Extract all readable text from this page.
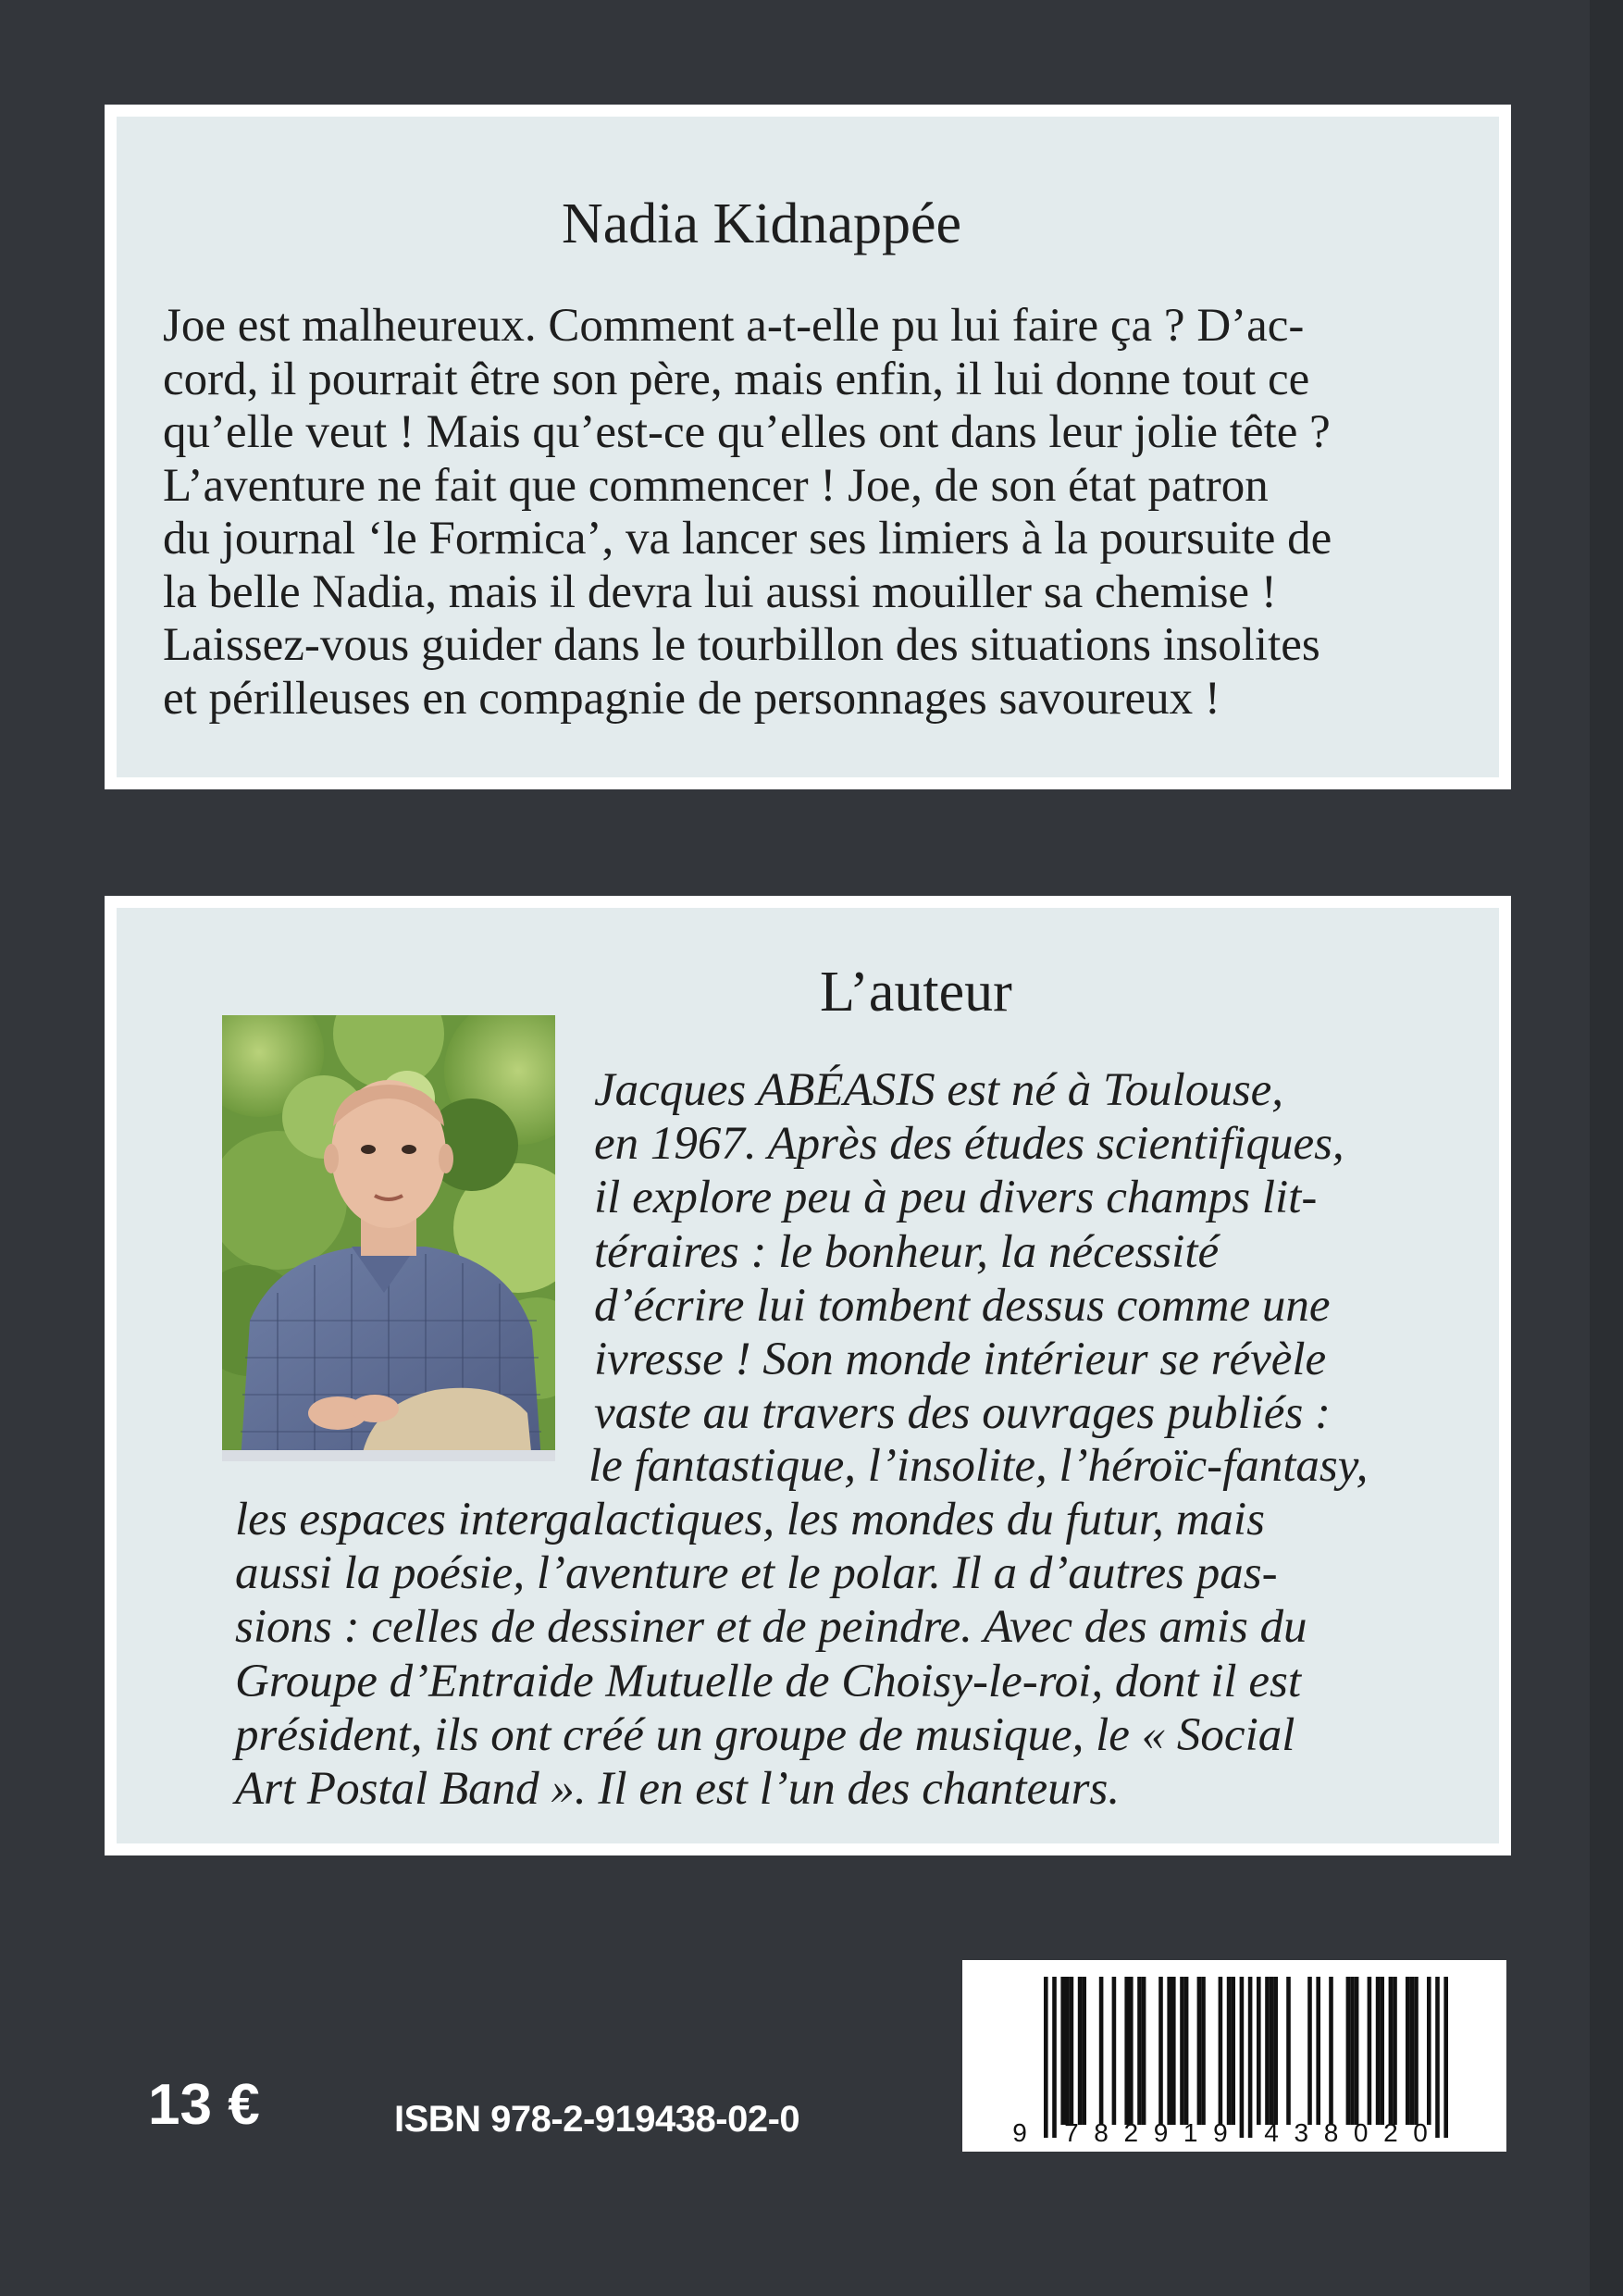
Nadia Kidnappée
Joe est malheureux. Comment a-t-elle pu lui faire ça ? D’ac-
cord, il pourrait être son père, mais enfin, il lui donne tout ce
qu’elle veut ! Mais qu’est-ce qu’elles ont dans leur jolie tête ?
L’aventure ne fait que commencer ! Joe, de son état patron
du journal ‘le Formica’, va lancer ses limiers à la poursuite de
la belle Nadia, mais il devra lui aussi mouiller sa chemise !
Laissez-vous guider dans le tourbillon des situations insolites
et périlleuses en compagnie de personnages savoureux !
L’auteur
Jacques ABÉASIS est né à Toulouse,
en 1967. Après des études scientifiques,
il explore peu à peu divers champs lit-
téraires : le bonheur, la nécessité
d’écrire lui tombent dessus comme une
ivresse ! Son monde intérieur se révèle
vaste au travers des ouvrages publiés :
le fantastique, l’insolite, l’héroïc-fantasy,
les espaces intergalactiques, les mondes du futur, mais
aussi la poésie, l’aventure et le polar. Il a d’autres pas-
sions : celles de dessiner et de peindre. Avec des amis du
Groupe d’Entraide Mutuelle de Choisy-le-roi, dont il est
président, ils ont créé un groupe de musique, le « Social
Art Postal Band ». Il en est l’un des chanteurs.
13 €	ISBN 978-2-919438-02-0	9 7 8 2 9 1 9 4 3 8 0 2 0
